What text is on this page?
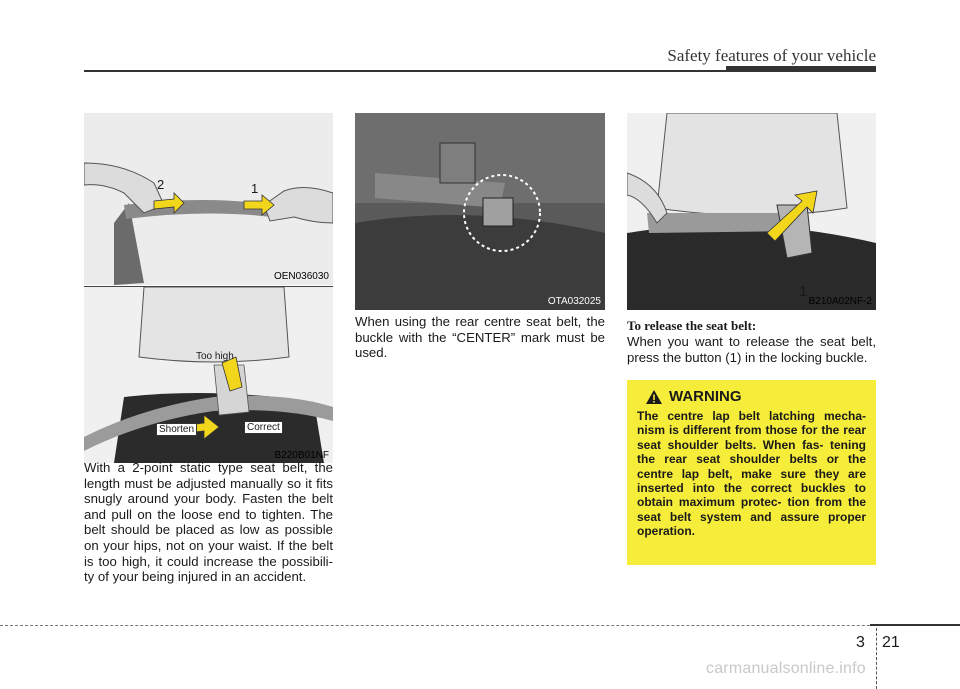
Safety features of your vehicle
2	1
OEN036030
Too high
Shorten	Correct
B220B01NF

With a 2-point static type seat belt, the length must be adjusted manually so it fits snugly around your body. Fasten the belt and pull on the loose end to tighten. The belt should be placed as low as possible on your hips, not on your waist. If the belt is too high, it could increase the possibili- ty of your being injured in an accident.

OTA032025

When using the rear centre seat belt, the buckle with the “CENTER” mark must be used.

1
B210A02NF-2
To release the seat belt:

When you want to release the seat belt, press the button (1) in the locking buckle.

WARNING
The centre lap belt latching mecha- nism is different from those for the rear seat shoulder belts. When fas- tening the rear seat shoulder belts or the centre lap belt, make sure they are inserted into the correct buckles to obtain maximum protec- tion from the seat belt system and assure proper operation.
3 21
carmanualsonline.info
